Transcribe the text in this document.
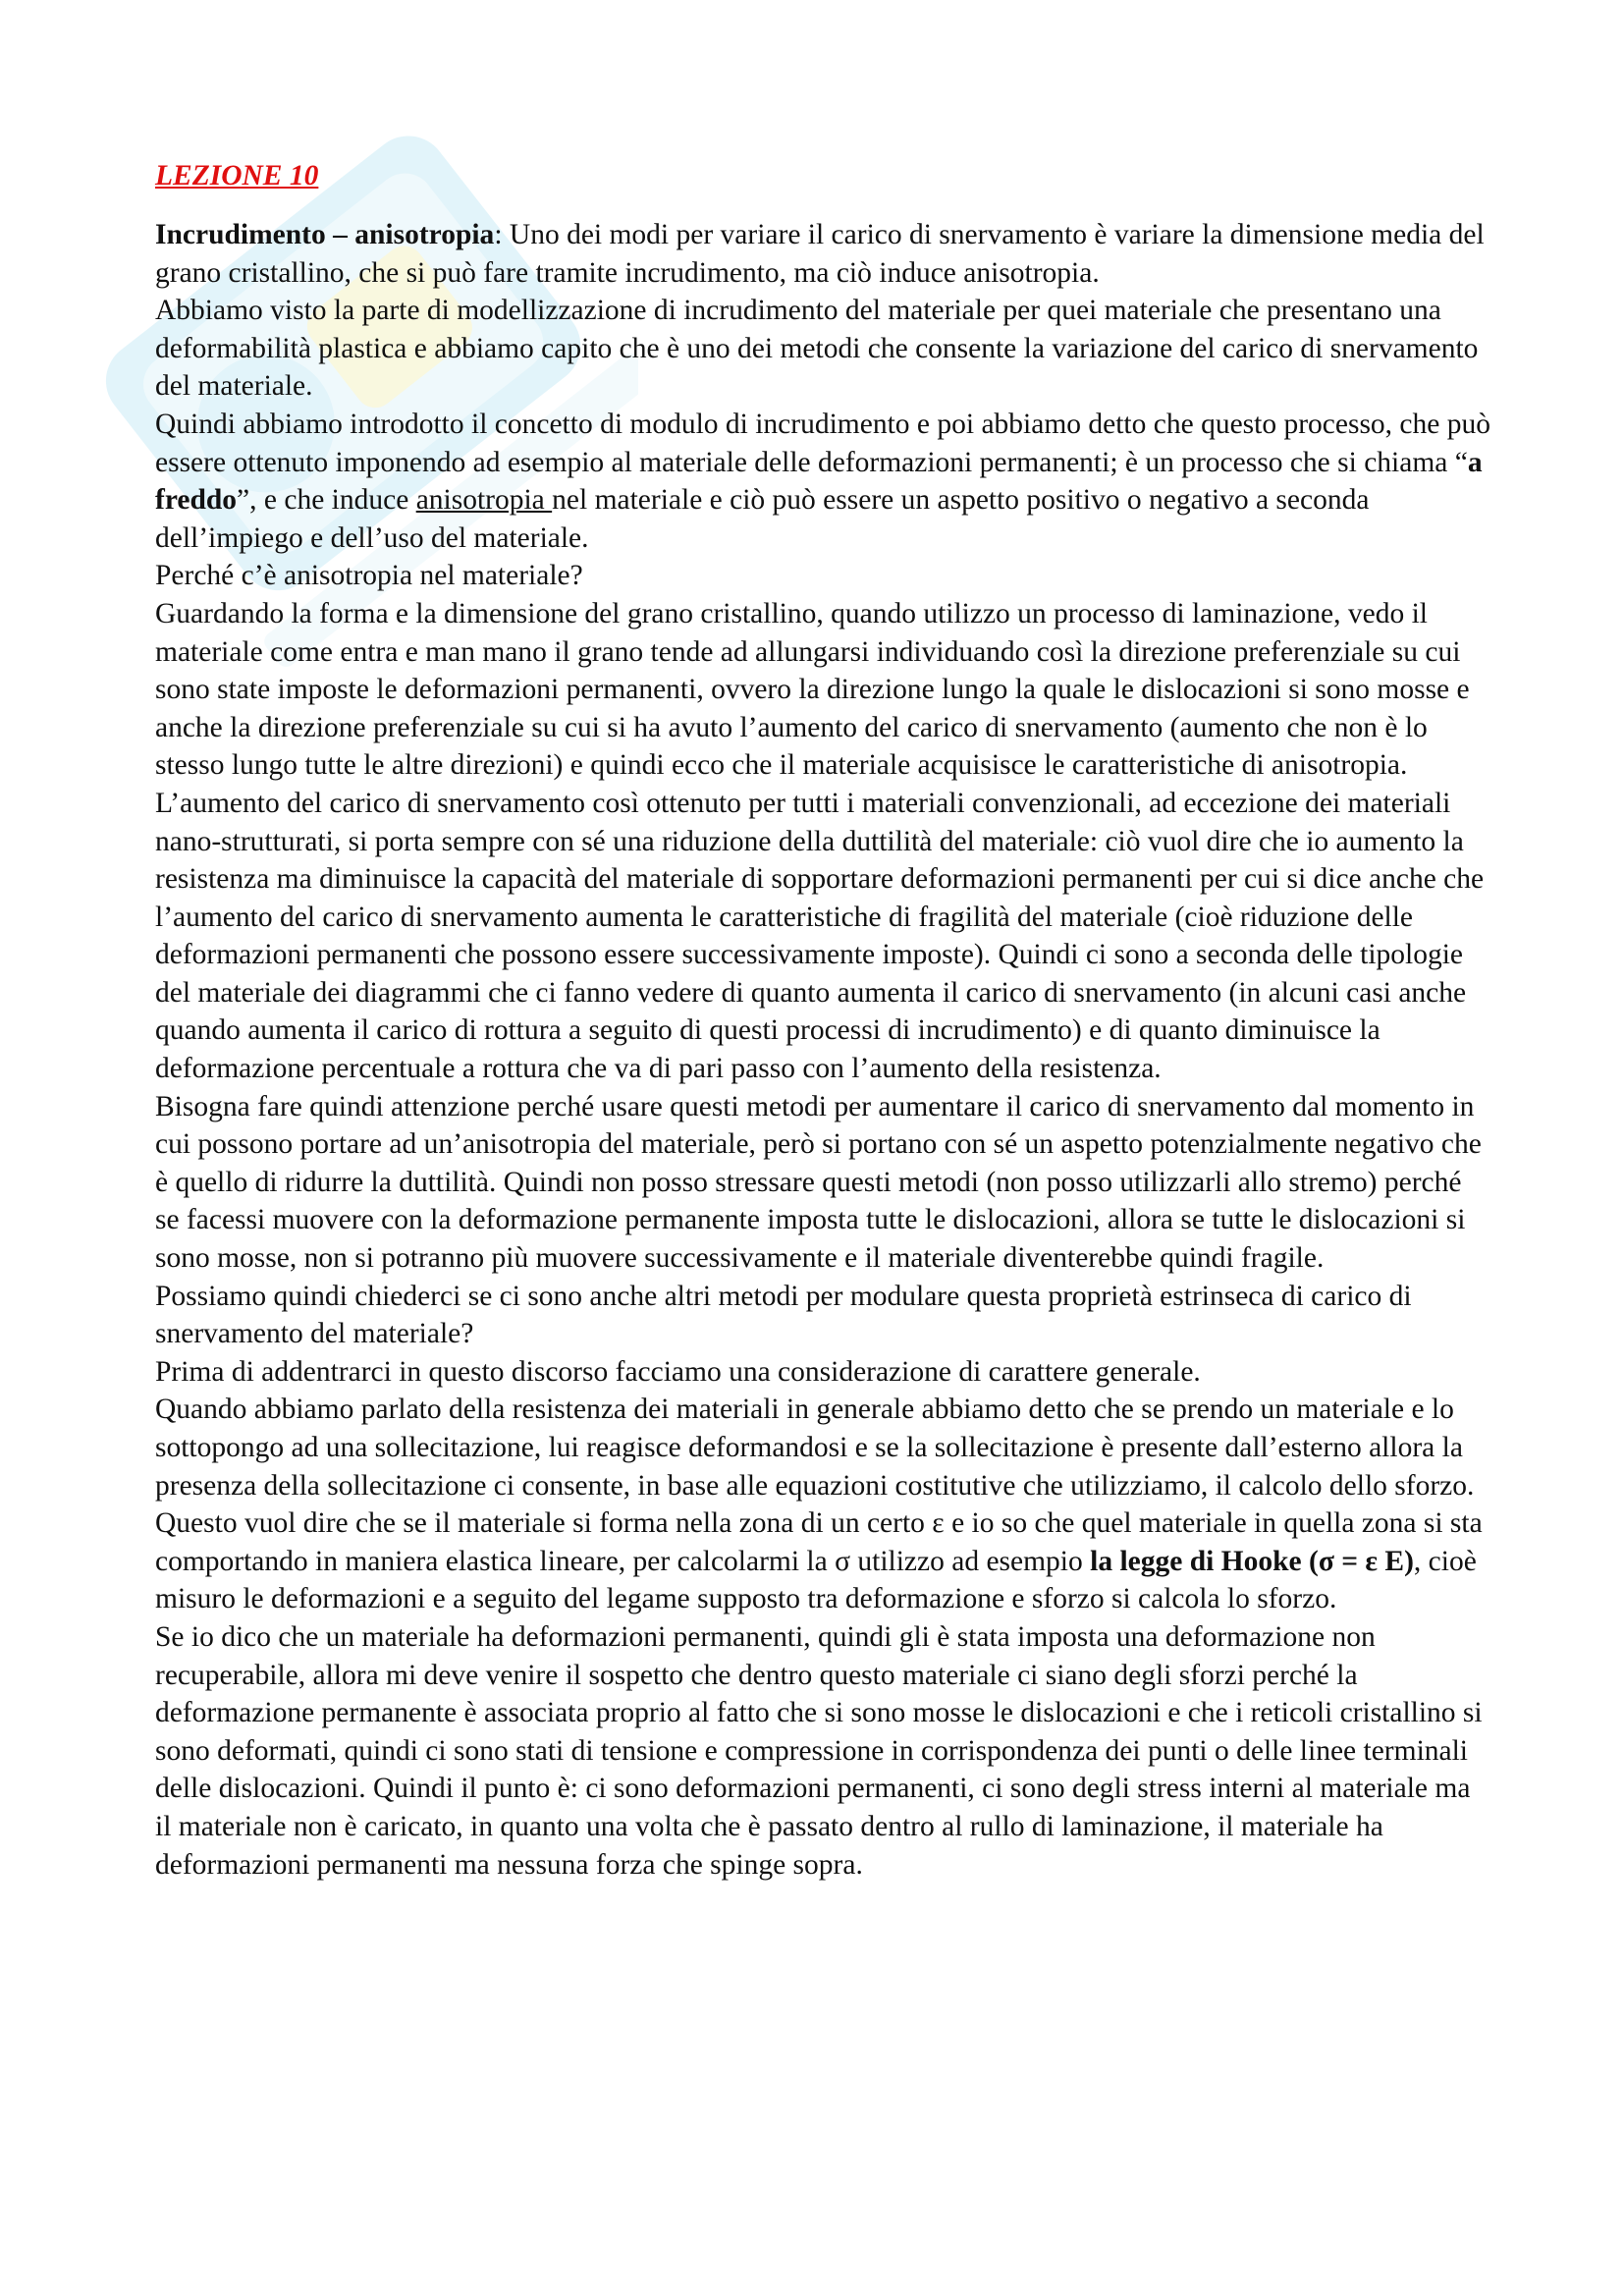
LEZIONE 10

Incrudimento – anisotropia: Uno dei modi per variare il carico di snervamento è variare la dimensione media del grano cristallino, che si può fare tramite incrudimento, ma ciò induce anisotropia.

Abbiamo visto la parte di modellizzazione di incrudimento del materiale per quei materiale che presentano una deformabilità plastica e abbiamo capito che è uno dei metodi che consente la variazione del carico di snervamento del materiale.

Quindi abbiamo introdotto il concetto di modulo di incrudimento e poi abbiamo detto che questo processo, che può essere ottenuto imponendo ad esempio al materiale delle deformazioni permanenti; è un processo che si chiama “a freddo”, e che induce anisotropia nel materiale e ciò può essere un aspetto positivo o negativo a seconda dell’impiego e dell’uso del materiale.

Perché c’è anisotropia nel materiale?

Guardando la forma e la dimensione del grano cristallino, quando utilizzo un processo di laminazione, vedo il materiale come entra e man mano il grano tende ad allungarsi individuando così la direzione preferenziale su cui sono state imposte le deformazioni permanenti, ovvero la direzione lungo la quale le dislocazioni si sono mosse e anche la direzione preferenziale su cui si ha avuto l’aumento del carico di snervamento (aumento che non è lo stesso lungo tutte le altre direzioni) e quindi ecco che il materiale acquisisce le caratteristiche di anisotropia.

L’aumento del carico di snervamento così ottenuto per tutti i materiali convenzionali, ad eccezione dei materiali nano-strutturati, si porta sempre con sé una riduzione della duttilità del materiale: ciò vuol dire che io aumento la resistenza ma diminuisce la capacità del materiale di sopportare deformazioni permanenti per cui si dice anche che l’aumento del carico di snervamento aumenta le caratteristiche di fragilità del materiale (cioè riduzione delle deformazioni permanenti che possono essere successivamente imposte). Quindi ci sono a seconda delle tipologie del materiale dei diagrammi che ci fanno vedere di quanto aumenta il carico di snervamento (in alcuni casi anche quando aumenta il carico di rottura a seguito di questi processi di incrudimento) e di quanto diminuisce la deformazione percentuale a rottura che va di pari passo con l’aumento della resistenza.

Bisogna fare quindi attenzione perché usare questi metodi per aumentare il carico di snervamento dal momento in cui possono portare ad un’anisotropia del materiale, però si portano con sé un aspetto potenzialmente negativo che è quello di ridurre la duttilità. Quindi non posso stressare questi metodi (non posso utilizzarli allo stremo) perché se facessi muovere con la deformazione permanente imposta tutte le dislocazioni, allora se tutte le dislocazioni si sono mosse, non si potranno più muovere successivamente e il materiale diventerebbe quindi fragile.

Possiamo quindi chiederci se ci sono anche altri metodi per modulare questa proprietà estrinseca di carico di snervamento del materiale?

Prima di addentrarci in questo discorso facciamo una considerazione di carattere generale.

Quando abbiamo parlato della resistenza dei materiali in generale abbiamo detto che se prendo un materiale e lo sottopongo ad una sollecitazione, lui reagisce deformandosi e se la sollecitazione è presente dall’esterno allora la presenza della sollecitazione ci consente, in base alle equazioni costitutive che utilizziamo, il calcolo dello sforzo. Questo vuol dire che se il materiale si forma nella zona di un certo ε e io so che quel materiale in quella zona si sta comportando in maniera elastica lineare, per calcolarmi la σ utilizzo ad esempio la legge di Hooke (σ = ε E), cioè misuro le deformazioni e a seguito del legame supposto tra deformazione e sforzo si calcola lo sforzo.

Se io dico che un materiale ha deformazioni permanenti, quindi gli è stata imposta una deformazione non recuperabile, allora mi deve venire il sospetto che dentro questo materiale ci siano degli sforzi perché la deformazione permanente è associata proprio al fatto che si sono mosse le dislocazioni e che i reticoli cristallino si sono deformati, quindi ci sono stati di tensione e compressione in corrispondenza dei punti o delle linee terminali delle dislocazioni. Quindi il punto è: ci sono deformazioni permanenti, ci sono degli stress interni al materiale ma il materiale non è caricato, in quanto una volta che è passato dentro al rullo di laminazione, il materiale ha deformazioni permanenti ma nessuna forza che spinge sopra.
